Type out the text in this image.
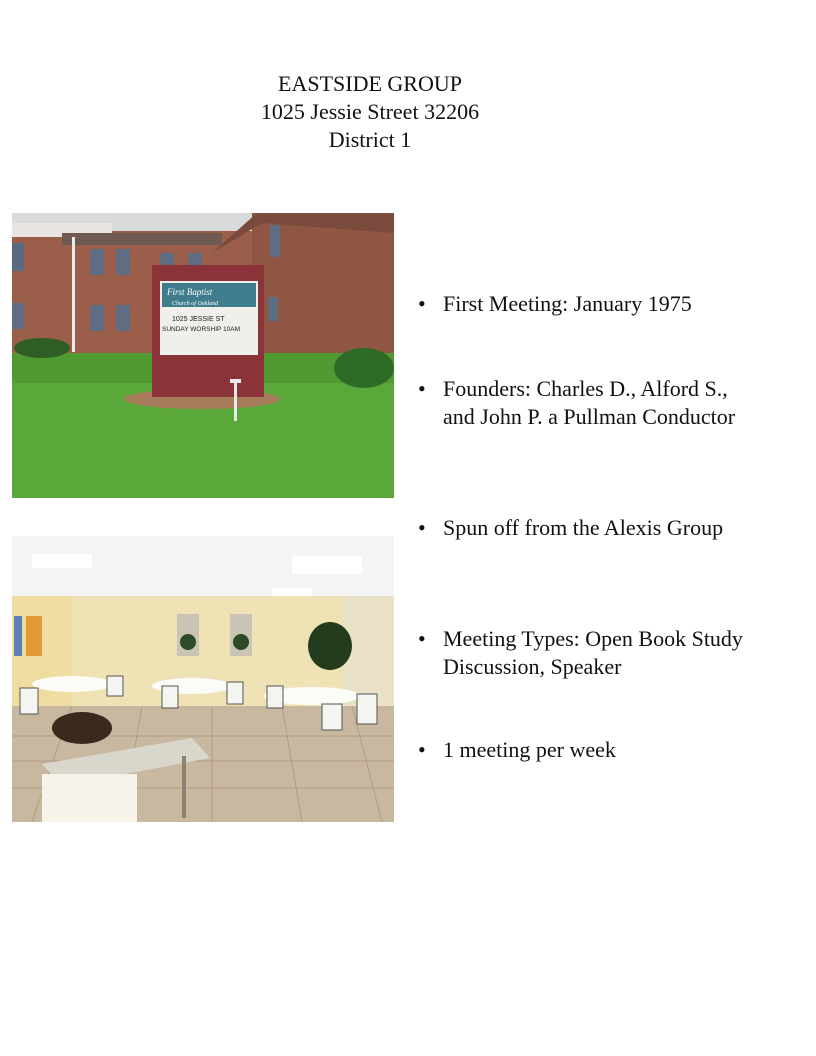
EASTSIDE GROUP
1025 Jessie Street 32206
District 1
First Baptist
Church of Oakland
1025 JESSIE ST
SUNDAY WORSHIP 10AM
• First Meeting: January 1975
• Founders: Charles D., Alford S., and John P. a Pullman Conductor
• Spun off from the Alexis Group
• Meeting Types: Open Book Study Discussion, Speaker
• 1 meeting per week
